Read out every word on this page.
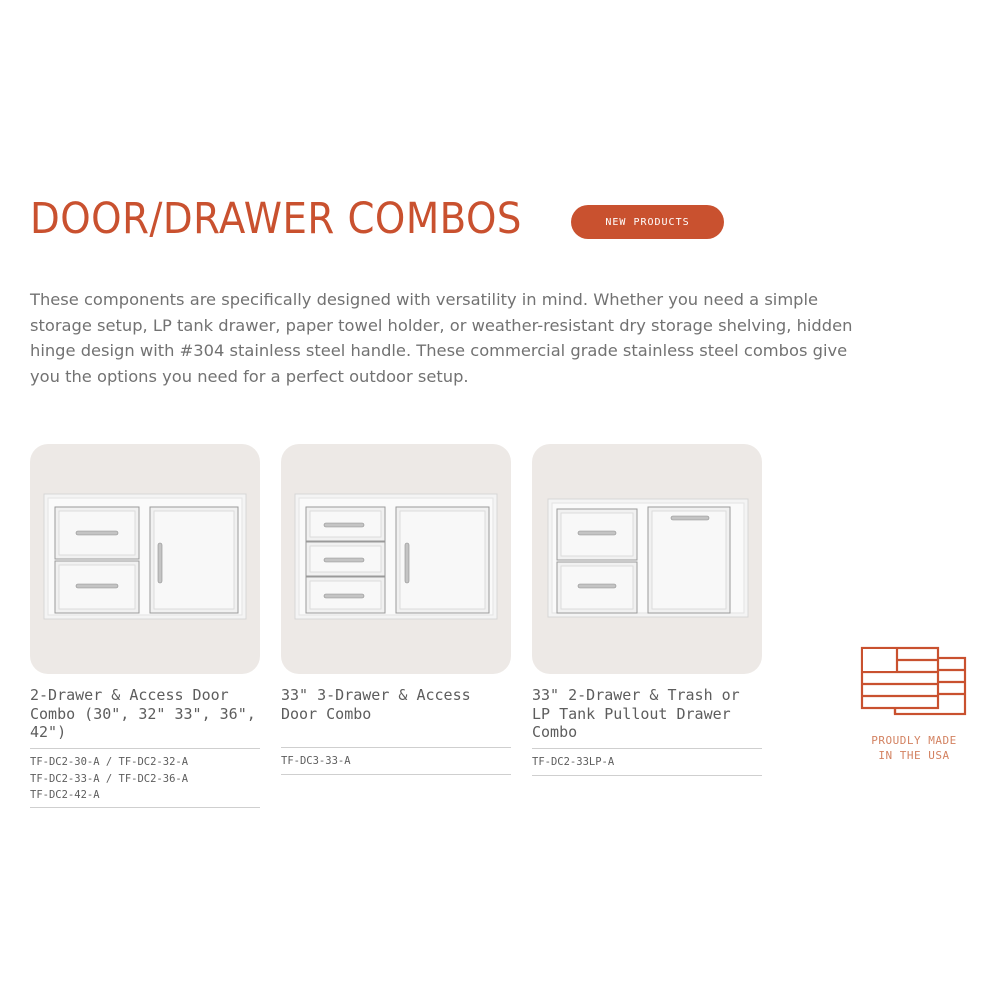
DOOR/DRAWER COMBOS	NEW PRODUCTS

These components are specifically designed with versatility in mind. Whether you need a simple storage setup, LP tank drawer, paper towel holder, or weather-resistant dry storage shelving, hidden hinge design with #304 stainless steel handle. These commercial grade stainless steel combos give you the options you need for a perfect outdoor setup.

2-Drawer & Access Door Combo (30", 32" 33", 36", 42")

TF-DC2-30-A / TF-DC2-32-A
TF-DC2-33-A / TF-DC2-36-A
TF-DC2-42-A

33" 3-Drawer & Access Door Combo

TF-DC3-33-A

33" 2-Drawer & Trash or LP Tank Pullout Drawer Combo

TF-DC2-33LP-A
PROUDLY MADE
IN THE USA
